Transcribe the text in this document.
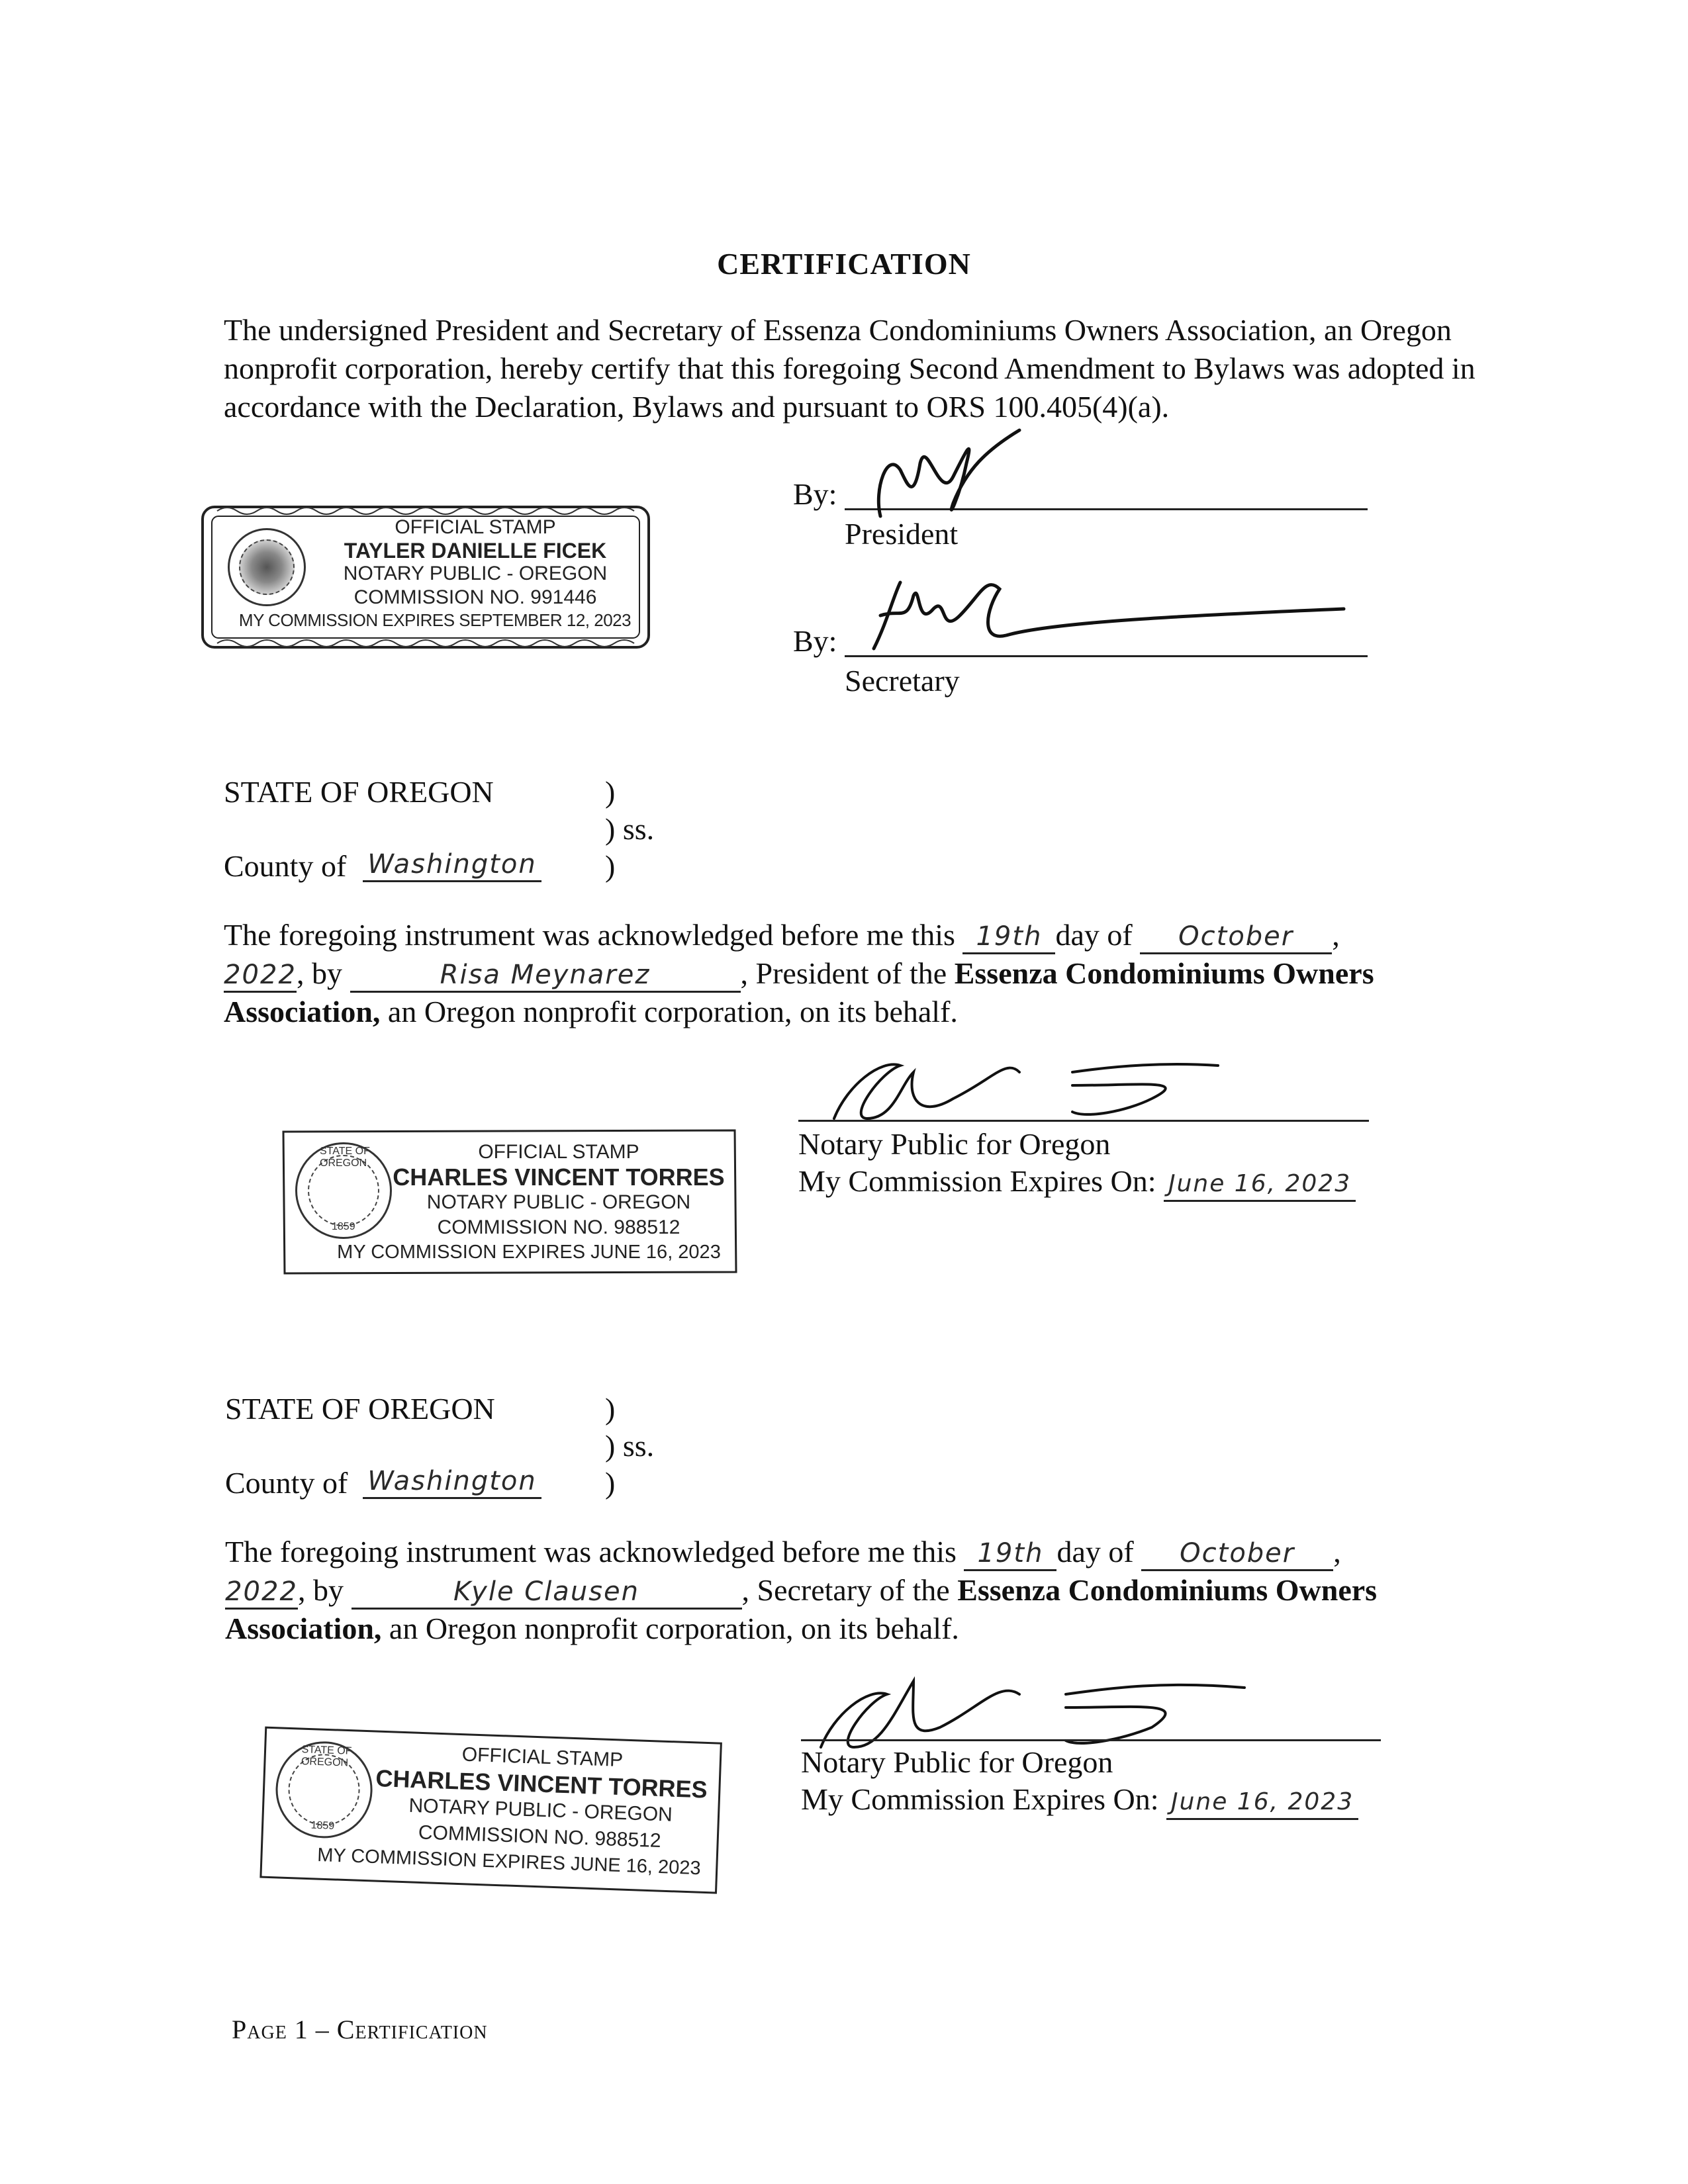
CERTIFICATION
The undersigned President and Secretary of Essenza Condominiums Owners Association, an Oregon nonprofit corporation, hereby certify that this foregoing Second Amendment to Bylaws was adopted in accordance with the Declaration, Bylaws and pursuant to ORS 100.405(4)(a).
OFFICIAL STAMP
TAYLER DANIELLE FICEK
NOTARY PUBLIC - OREGON
COMMISSION NO. 991446
MY COMMISSION EXPIRES SEPTEMBER 12, 2023
By:
President
By:
Secretary
STATE OF OREGON	)
) ss.
)
County of Washington
The foregoing instrument was acknowledged before me this 19th day of October ,
2022, by	Risa Meynarez	, President of the Essenza Condominiums Owners
Association, an Oregon nonprofit corporation, on its behalf.
Notary Public for Oregon
My Commission Expires On: June 16, 2023
STATE OF OREGON
1859
OFFICIAL STAMP
CHARLES VINCENT TORRES
NOTARY PUBLIC - OREGON
COMMISSION NO. 988512
MY COMMISSION EXPIRES JUNE 16, 2023
STATE OF OREGON	)
) ss.
)
County of Washington
The foregoing instrument was acknowledged before me this 19th day of October ,
2022, by	Kyle Clausen	, Secretary of the Essenza Condominiums Owners
Association, an Oregon nonprofit corporation, on its behalf.
Notary Public for Oregon
My Commission Expires On: June 16, 2023
STATE OF OREGON
1859
OFFICIAL STAMP
CHARLES VINCENT TORRES
NOTARY PUBLIC - OREGON
COMMISSION NO. 988512
MY COMMISSION EXPIRES JUNE 16, 2023
Page 1 – Certification
